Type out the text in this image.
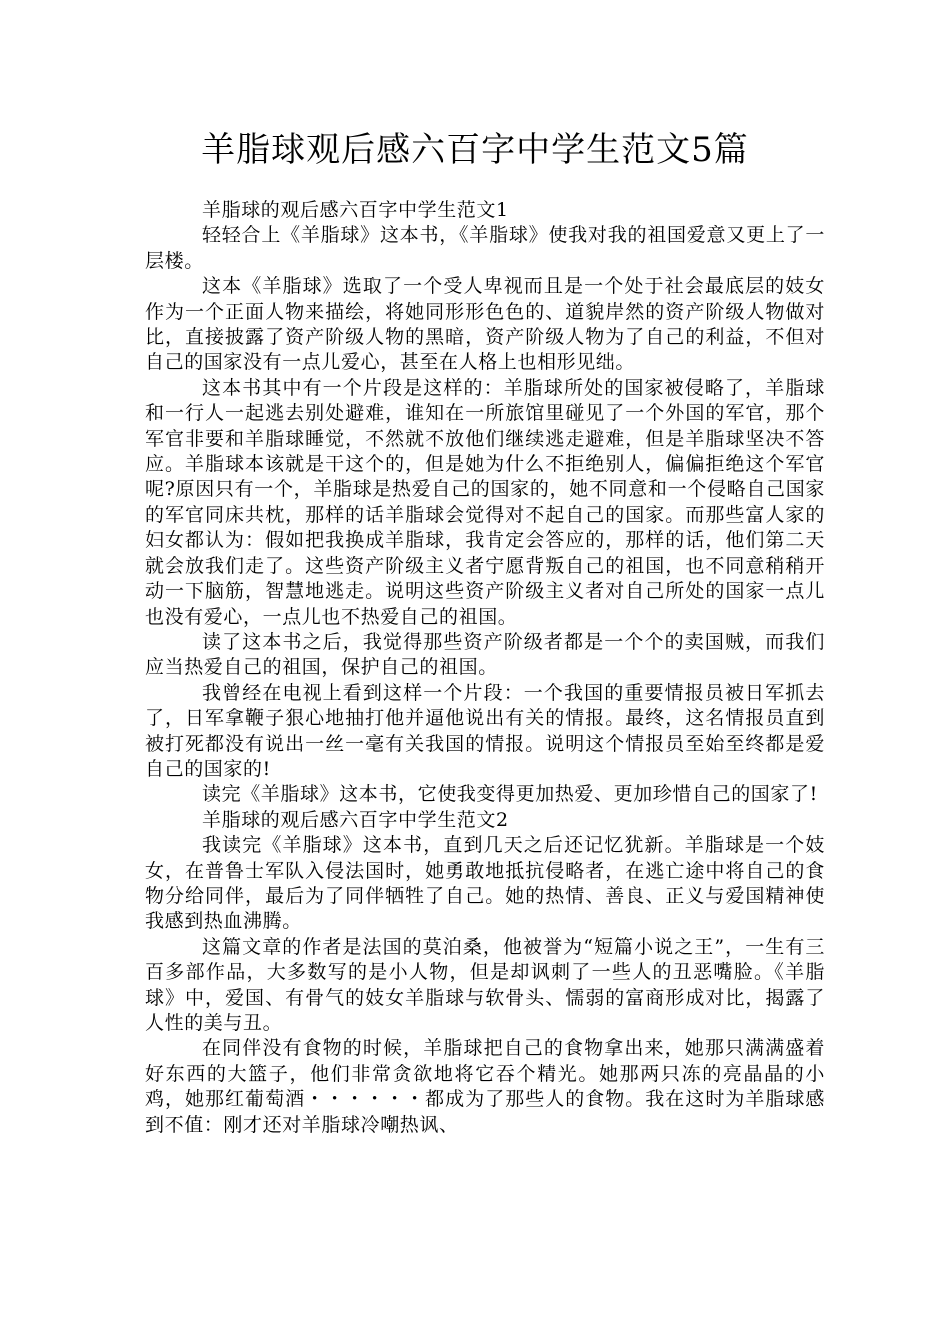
羊脂球观后感六百字中学生范文5篇

羊脂球的观后感六百字中学生范文1

轻轻合上《羊脂球》这本书，《羊脂球》使我对我的祖国爱意又更上了一层楼。

这本《羊脂球》选取了一个受人卑视而且是一个处于社会最底层的妓女作为一个正面人物来描绘，将她同形形色色的、道貌岸然的资产阶级人物做对比，直接披露了资产阶级人物的黑暗，资产阶级人物为了自己的利益，不但对自己的国家没有一点儿爱心，甚至在人格上也相形见绌。

这本书其中有一个片段是这样的：羊脂球所处的国家被侵略了，羊脂球和一行人一起逃去别处避难，谁知在一所旅馆里碰见了一个外国的军官，那个军官非要和羊脂球睡觉，不然就不放他们继续逃走避难，但是羊脂球坚决不答应。羊脂球本该就是干这个的，但是她为什么不拒绝别人，偏偏拒绝这个军官呢?原因只有一个，羊脂球是热爱自己的国家的，她不同意和一个侵略自己国家的军官同床共枕，那样的话羊脂球会觉得对不起自己的国家。而那些富人家的妇女都认为：假如把我换成羊脂球，我肯定会答应的，那样的话，他们第二天就会放我们走了。这些资产阶级主义者宁愿背叛自己的祖国，也不同意稍稍开动一下脑筋，智慧地逃走。说明这些资产阶级主义者对自己所处的国家一点儿也没有爱心，一点儿也不热爱自己的祖国。

读了这本书之后，我觉得那些资产阶级者都是一个个的卖国贼，而我们应当热爱自己的祖国，保护自己的祖国。

我曾经在电视上看到这样一个片段：一个我国的重要情报员被日军抓去了，日军拿鞭子狠心地抽打他并逼他说出有关的情报。最终，这名情报员直到被打死都没有说出一丝一毫有关我国的情报。说明这个情报员至始至终都是爱自己的国家的!

读完《羊脂球》这本书，它使我变得更加热爱、更加珍惜自己的国家了!

羊脂球的观后感六百字中学生范文2

我读完《羊脂球》这本书，直到几天之后还记忆犹新。羊脂球是一个妓女，在普鲁士军队入侵法国时，她勇敢地抵抗侵略者，在逃亡途中将自己的食物分给同伴，最后为了同伴牺牲了自己。她的热情、善良、正义与爱国精神使我感到热血沸腾。

这篇文章的作者是法国的莫泊桑，他被誉为“短篇小说之王”，一生有三百多部作品，大多数写的是小人物，但是却讽刺了一些人的丑恶嘴脸。《羊脂球》中，爱国、有骨气的妓女羊脂球与软骨头、懦弱的富商形成对比，揭露了人性的美与丑。

在同伴没有食物的时候，羊脂球把自己的食物拿出来，她那只满满盛着好东西的大篮子，他们非常贪欲地将它吞个精光。她那两只冻的亮晶晶的小鸡，她那红葡萄酒・・・・・・都成为了那些人的食物。我在这时为羊脂球感到不值：刚才还对羊脂球冷嘲热讽、
